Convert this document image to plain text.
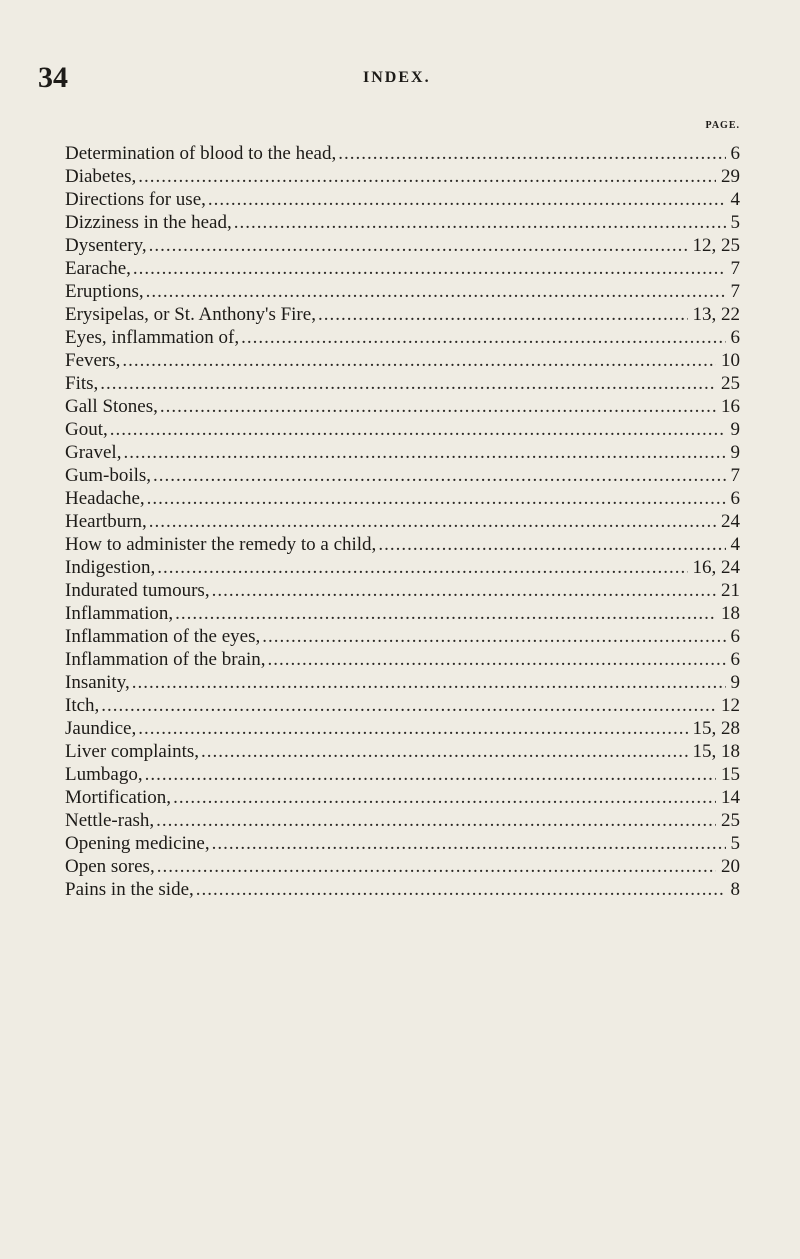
34	INDEX.
PAGE.
Determination of blood to the head, .....	6
Diabetes, .....	29
Directions for use, .....	4
Dizziness in the head, .....	5
Dysentery, .....	12, 25
Earache, .....	7
Eruptions, .....	7
Erysipelas, or St. Anthony's Fire, .....	13, 22
Eyes, inflammation of, .....	6
Fevers, .....	10
Fits, .....	25
Gall Stones, .....	16
Gout, .....	9
Gravel, .....	9
Gum-boils, .....	7
Headache, .....	6
Heartburn, .....	24
How to administer the remedy to a child, .....	4
Indigestion, .....	16, 24
Indurated tumours, .....	21
Inflammation, .....	18
Inflammation of the eyes, .....	6
Inflammation of the brain, .....	6
Insanity, .....	9
Itch, .....	12
Jaundice, .....	15, 28
Liver complaints, .....	15, 18
Lumbago, .....	15
Mortification, .....	14
Nettle-rash, .....	25
Opening medicine, .....	5
Open sores, .....	20
Pains in the side, .....	8
